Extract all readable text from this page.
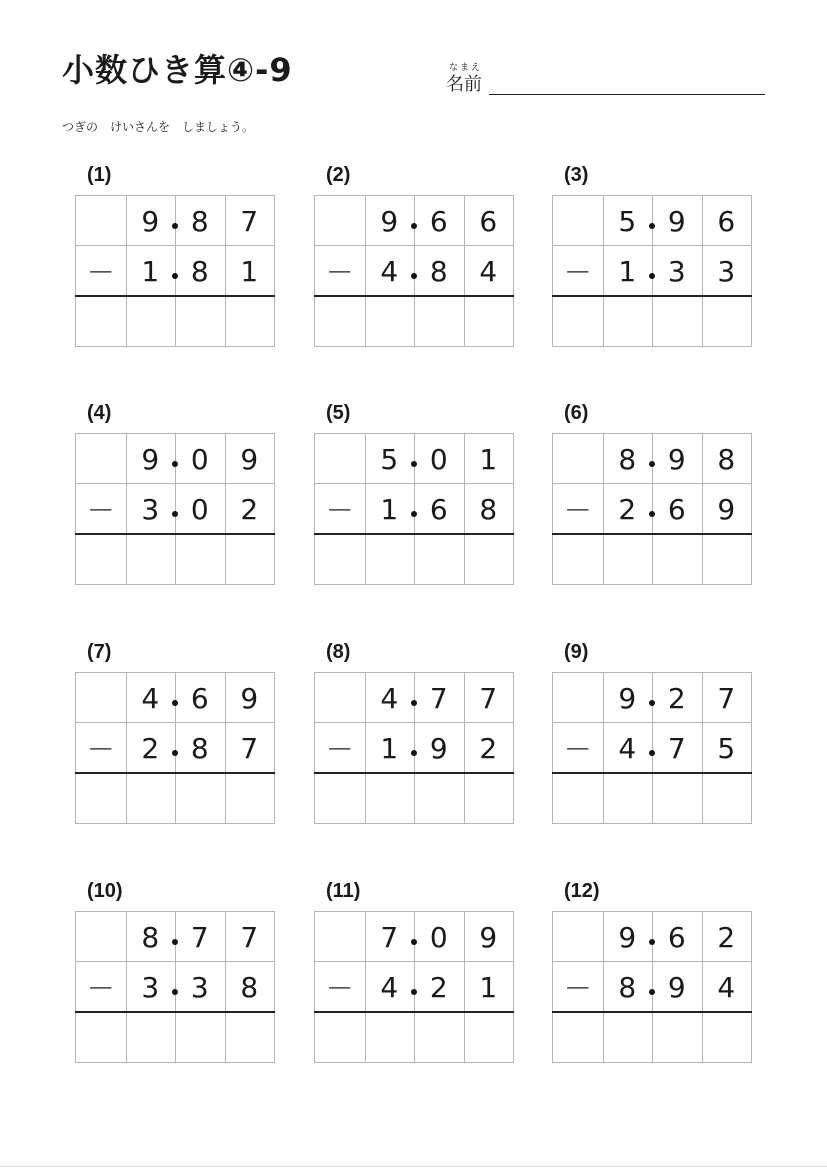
小数ひき算④-9	なまえ
名前
つぎの　けいさんを　しましょう。
(1)
9	8	7
－ 1	8	1
(2)
9	6	6
－ 4	8	4
(3)
5	9	6
－ 1	3	3
(4)
9	0	9
－ 3	0	2
(5)
5	0	1
－ 1	6	8
(6)
8	9	8
－ 2	6	9
(7)
4	6	9
－ 2	8	7
(8)
4	7	7
－ 1	9	2
(9)
9	2	7
－ 4	7	5
(10)
8	7	7
－ 3	3	8
(11)
7	0	9
－ 4	2	1
(12)
9	6	2
－ 8	9	4
